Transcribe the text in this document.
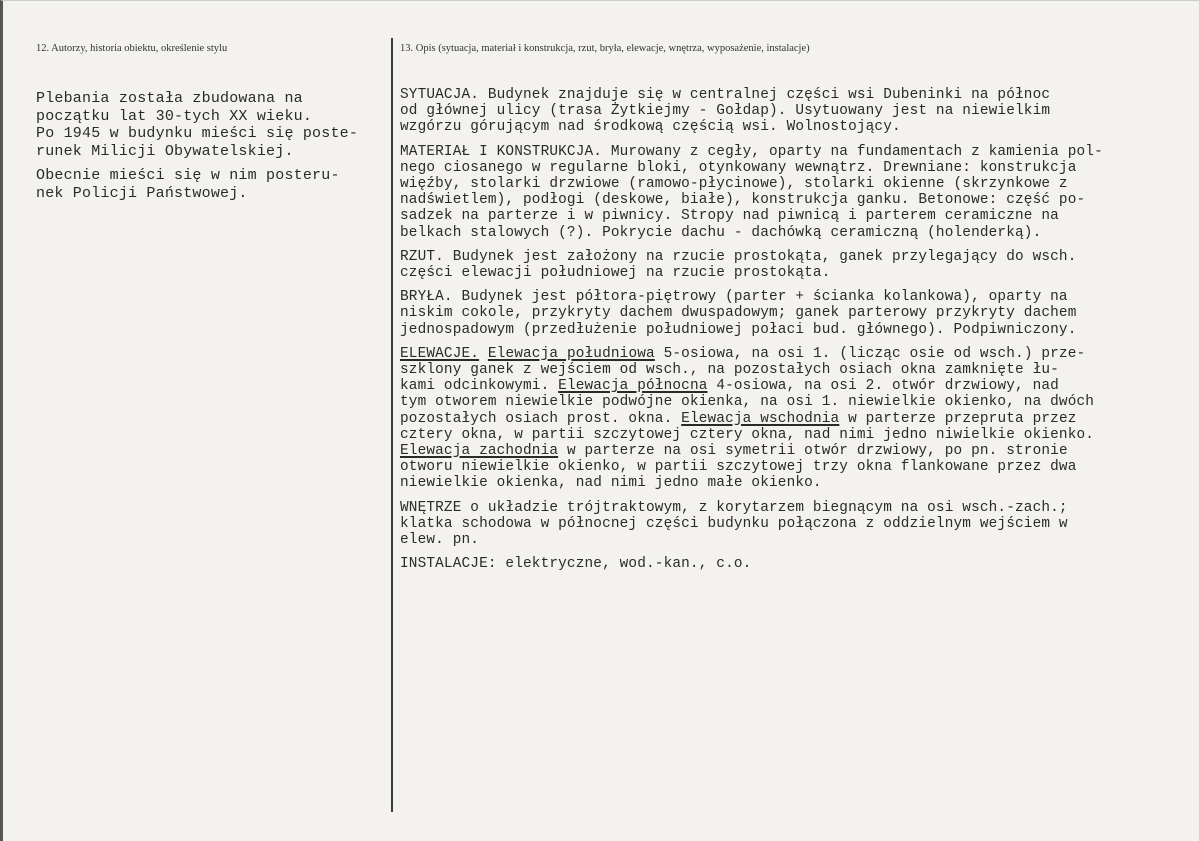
12. Autorzy, historia obiektu, określenie stylu	13. Opis (sytuacja, materiał i konstrukcja, rzut, bryła, elewacje, wnętrza, wyposażenie, instalacje)

Plebania została zbudowana na
początku lat 30-tych XX wieku.
Po 1945 w budynku mieści się poste-
runek Milicji Obywatelskiej.

Obecnie mieści się w nim posteru-
nek Policji Państwowej.

SYTUACJA. Budynek znajduje się w centralnej części wsi Dubeninki na północ
od głównej ulicy (trasa Żytkiejmy - Gołdap). Usytuowany jest na niewielkim
wzgórzu górującym nad środkową częścią wsi. Wolnostojący.

MATERIAŁ I KONSTRUKCJA. Murowany z cegły, oparty na fundamentach z kamienia pol-
nego ciosanego w regularne bloki, otynkowany wewnątrz. Drewniane: konstrukcja
więźby, stolarki drzwiowe (ramowo-płycinowe), stolarki okienne (skrzynkowe z
nadświetlem), podłogi (deskowe, białe), konstrukcja ganku. Betonowe: część po-
sadzek na parterze i w piwnicy. Stropy nad piwnicą i parterem ceramiczne na
belkach stalowych (?). Pokrycie dachu - dachówką ceramiczną (holenderką).

RZUT. Budynek jest założony na rzucie prostokąta, ganek przylegający do wsch.
części elewacji południowej na rzucie prostokąta.

BRYŁA. Budynek jest półtora-piętrowy (parter + ścianka kolankowa), oparty na
niskim cokole, przykryty dachem dwuspadowym; ganek parterowy przykryty dachem
jednospadowym (przedłużenie południowej połaci bud. głównego). Podpiwniczony.

ELEWACJE. Elewacja południowa 5-osiowa, na osi 1. (licząc osie od wsch.) prze-
szklony ganek z wejściem od wsch., na pozostałych osiach okna zamknięte łu-
kami odcinkowymi. Elewacja północna 4-osiowa, na osi 2. otwór drzwiowy, nad
tym otworem niewielkie podwójne okienka, na osi 1. niewielkie okienko, na dwóch
pozostałych osiach prost. okna. Elewacja wschodnia w parterze przepruta przez
cztery okna, w partii szczytowej cztery okna, nad nimi jedno niwielkie okienko.
Elewacja zachodnia w parterze na osi symetrii otwór drzwiowy, po pn. stronie
otworu niewielkie okienko, w partii szczytowej trzy okna flankowane przez dwa
niewielkie okienka, nad nimi jedno małe okienko.

WNĘTRZE o układzie trójtraktowym, z korytarzem biegnącym na osi wsch.-zach.;
klatka schodowa w północnej części budynku połączona z oddzielnym wejściem w
elew. pn.

INSTALACJE: elektryczne, wod.-kan., c.o.
